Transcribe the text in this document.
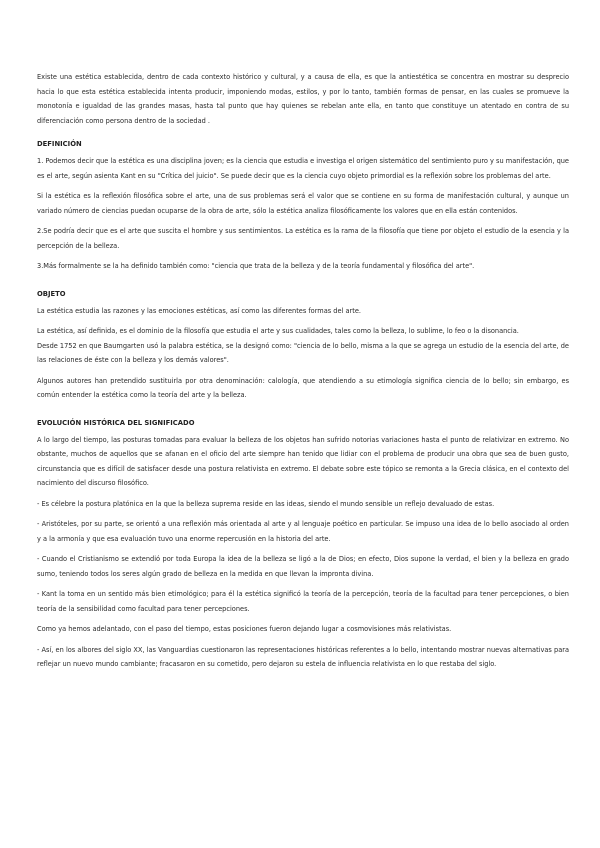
Existe una estética establecida, dentro de cada contexto histórico y cultural, y a causa de ella, es que la antiestética se concentra en mostrar su desprecio hacia lo que esta estética establecida intenta producir, imponiendo modas, estilos, y por lo tanto, también formas de pensar, en las cuales se promueve la monotonía e igualdad de las grandes masas, hasta tal punto que hay quienes se rebelan ante ella, en tanto que constituye un atentado en contra de su diferenciación como persona dentro de la sociedad .

DEFINICIÓN

1. Podemos decir que la estética es una disciplina joven; es la ciencia que estudia e investiga el origen sistemático del sentimiento puro y su manifestación, que es el arte, según asienta Kant en su "Crítica del juicio". Se puede decir que es la ciencia cuyo objeto primordial es la reflexión sobre los problemas del arte.

Si la estética es la reflexión filosófica sobre el arte, una de sus problemas será el valor que se contiene en su forma de manifestación cultural, y aunque un variado número de ciencias puedan ocuparse de la obra de arte, sólo la estética analiza filosóficamente los valores que en ella están contenidos.

2.Se podría decir que es el arte que suscita el hombre y sus sentimientos. La estética es la rama de la filosofía que tiene por objeto el estudio de la esencia y la percepción de la belleza.

3.Más formalmente se la ha definido también como: "ciencia que trata de la belleza y de la teoría fundamental y filosófica del arte".

OBJETO

La estética estudia las razones y las emociones estéticas, así como las diferentes formas del arte.

La estética, así definida, es el dominio de la filosofía que estudia el arte y sus cualidades, tales como la belleza, lo sublime, lo feo o la disonancia.

Desde 1752 en que Baumgarten usó la palabra estética, se la designó como: "ciencia de lo bello, misma a la que se agrega un estudio de la esencia del arte, de las relaciones de éste con la belleza y los demás valores".

Algunos autores han pretendido sustituirla por otra denominación: calología, que atendiendo a su etimología significa ciencia de lo bello; sin embargo, es común entender la estética como la teoría del arte y la belleza.

EVOLUCIÓN HISTÓRICA DEL SIGNIFICADO

A lo largo del tiempo, las posturas tomadas para evaluar la belleza de los objetos han sufrido notorias variaciones hasta el punto de relativizar en extremo. No obstante, muchos de aquellos que se afanan en el oficio del arte siempre han tenido que lidiar con el problema de producir una obra que sea de buen gusto, circunstancia que es difícil de satisfacer desde una postura relativista en extremo. El debate sobre este tópico se remonta a la Grecia clásica, en el contexto del nacimiento del discurso filosófico.

- Es célebre la postura platónica en la que la belleza suprema reside en las ideas, siendo el mundo sensible un reflejo devaluado de estas.

- Aristóteles, por su parte, se orientó a una reflexión más orientada al arte y al lenguaje poético en particular. Se impuso una idea de lo bello asociado al orden y a la armonía y que esa evaluación tuvo una enorme repercusión en la historia del arte.

- Cuando el Cristianismo se extendió por toda Europa la idea de la belleza se ligó a la de Dios; en efecto, Dios supone la verdad, el bien y la belleza en grado sumo, teniendo todos los seres algún grado de belleza en la medida en que llevan la impronta divina.

- Kant la toma en un sentido más bien etimológico; para él la estética significó la teoría de la percepción, teoría de la facultad para tener percepciones, o bien teoría de la sensibilidad como facultad para tener percepciones.

Como ya hemos adelantado, con el paso del tiempo, estas posiciones fueron dejando lugar a cosmovisiones más relativistas.

- Así, en los albores del siglo XX, las Vanguardias cuestionaron las representaciones históricas referentes a lo bello, intentando mostrar nuevas alternativas para reflejar un nuevo mundo cambiante; fracasaron en su cometido, pero dejaron su estela de influencia relativista en lo que restaba del siglo.
